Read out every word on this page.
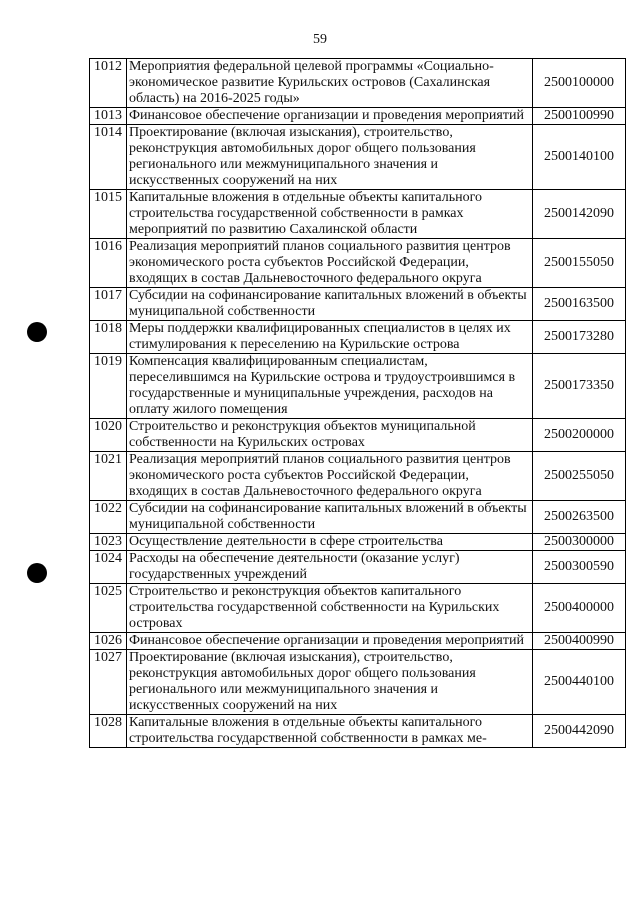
59
1012	Мероприятия федеральной целевой программы «Социально-экономическое развитие Курильских островов (Сахалинская область) на 2016-2025 годы»	2500100000
1013	Финансовое обеспечение организации и проведения мероприятий	2500100990
1014	Проектирование (включая изыскания), строительство, реконструкция автомобильных дорог общего пользования регионального или межмуниципального значения и искусственных сооружений на них	2500140100
1015	Капитальные вложения в отдельные объекты капитального строительства государственной собственности в рамках мероприятий по развитию Сахалинской области	2500142090
1016	Реализация мероприятий планов социального развития центров экономического роста субъектов Российской Федерации, входящих в состав Дальневосточного федерального округа	2500155050
1017	Субсидии на софинансирование капитальных вложений в объекты муниципальной собственности	2500163500
1018	Меры поддержки квалифицированных специалистов в целях их стимулирования к переселению на Курильские острова	2500173280
1019	Компенсация квалифицированным специалистам, переселившимся на Курильские острова и трудоустроившимся в государственные и муниципальные учреждения, расходов на оплату жилого помещения	2500173350
1020	Строительство и реконструкция объектов муниципальной собственности на Курильских островах	2500200000
1021	Реализация мероприятий планов социального развития центров экономического роста субъектов Российской Федерации, входящих в состав Дальневосточного федерального округа	2500255050
1022	Субсидии на софинансирование капитальных вложений в объекты муниципальной собственности	2500263500
1023	Осуществление деятельности в сфере строительства	2500300000
1024	Расходы на обеспечение деятельности (оказание услуг) государственных учреждений	2500300590
1025	Строительство и реконструкция объектов капитального строительства государственной собственности на Курильских островах	2500400000
1026	Финансовое обеспечение организации и проведения мероприятий	2500400990
1027	Проектирование (включая изыскания), строительство, реконструкция автомобильных дорог общего пользования регионального или межмуниципального значения и искусственных сооружений на них	2500440100
1028	Капитальные вложения в отдельные объекты капитального строительства государственной собственности в рамках ме-	2500442090
